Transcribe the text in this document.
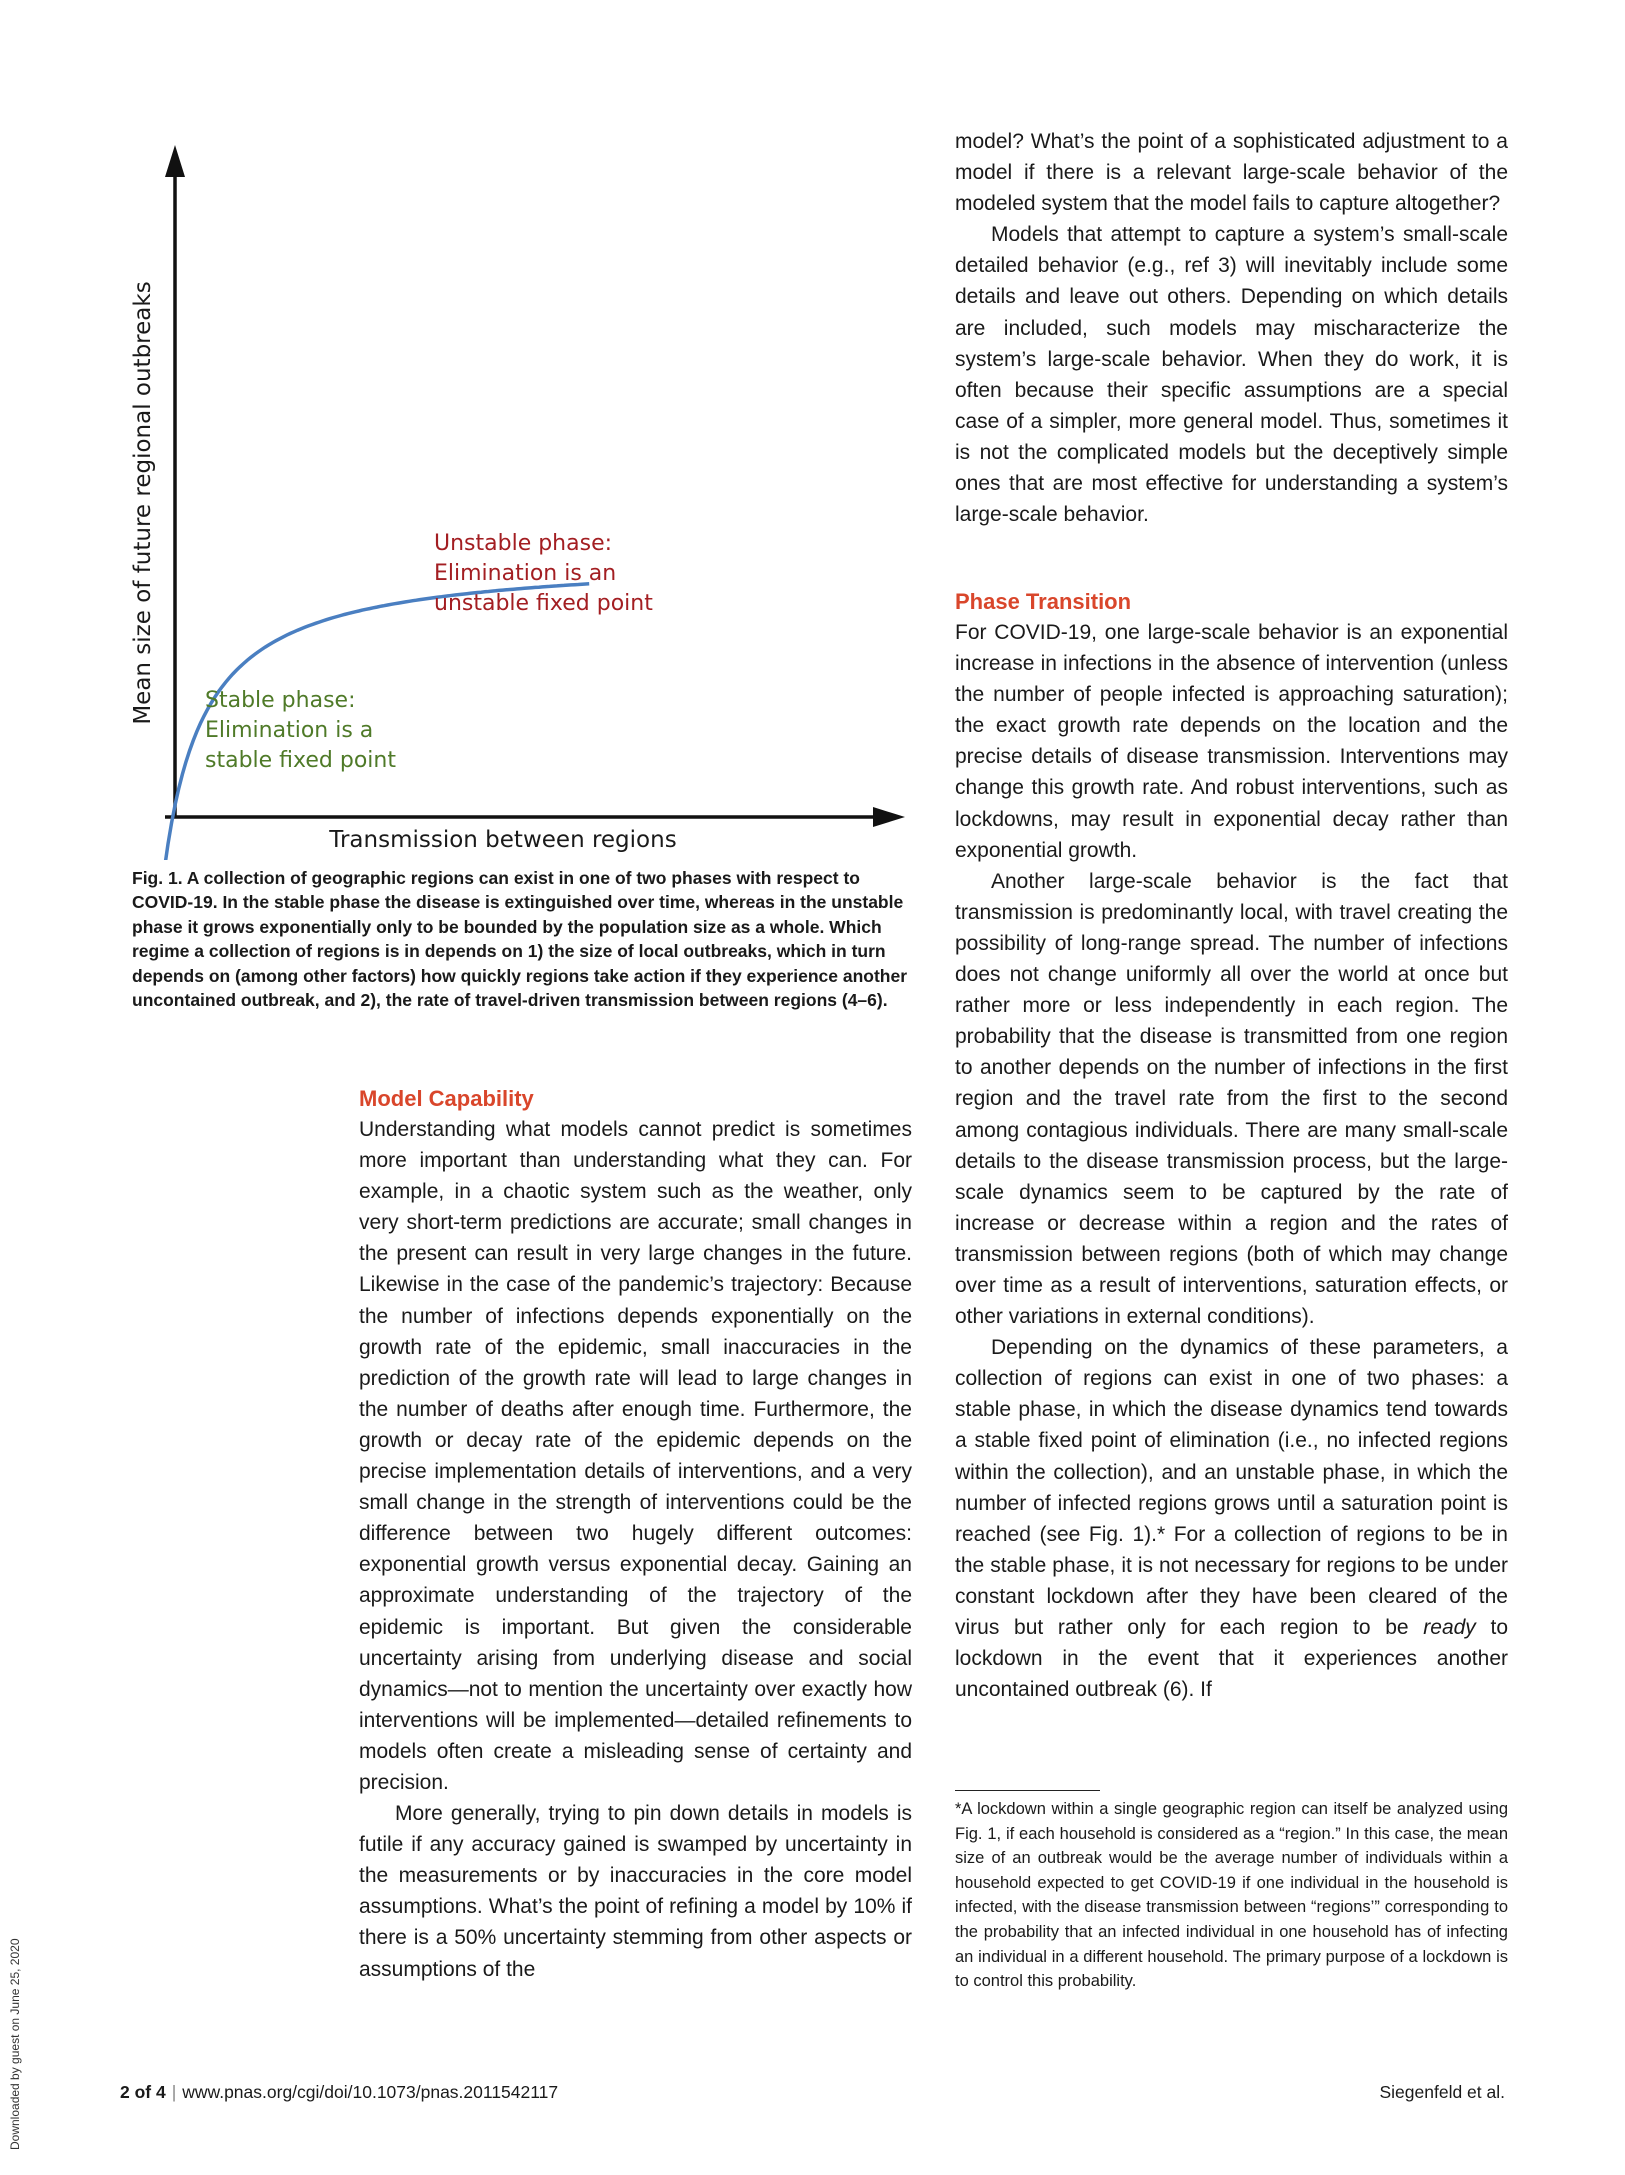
Mean size of future regional outbreaks
Transmission between regions
Unstable phase:
Elimination is an
unstable fixed point
Stable phase:
Elimination is a
stable fixed point

Fig. 1. A collection of geographic regions can exist in one of two phases with respect to COVID-19. In the stable phase the disease is extinguished over time, whereas in the unstable phase it grows exponentially only to be bounded by the population size as a whole. Which regime a collection of regions is in depends on 1) the size of local outbreaks, which in turn depends on (among other factors) how quickly regions take action if they experience another uncontained outbreak, and 2), the rate of travel-driven transmission between regions (4–6).

Model Capability

Understanding what models cannot predict is sometimes more important than understanding what they can. For example, in a chaotic system such as the weather, only very short-term predictions are accurate; small changes in the present can result in very large changes in the future. Likewise in the case of the pandemic’s trajectory: Because the number of infections depends exponentially on the growth rate of the epidemic, small inaccuracies in the prediction of the growth rate will lead to large changes in the number of deaths after enough time. Furthermore, the growth or decay rate of the epidemic depends on the precise implementation details of interventions, and a very small change in the strength of interventions could be the difference between two hugely different outcomes: exponential growth versus exponential decay. Gaining an approximate understanding of the trajectory of the epidemic is important. But given the considerable uncertainty arising from underlying disease and social dynamics—not to mention the uncertainty over exactly how interventions will be implemented—detailed refinements to models often create a misleading sense of certainty and precision.

More generally, trying to pin down details in models is futile if any accuracy gained is swamped by uncertainty in the measurements or by inaccuracies in the core model assumptions. What’s the point of refining a model by 10% if there is a 50% uncertainty stemming from other aspects or assumptions of the

model? What’s the point of a sophisticated adjustment to a model if there is a relevant large-scale behavior of the modeled system that the model fails to capture altogether?

Models that attempt to capture a system’s small-scale detailed behavior (e.g., ref 3) will inevitably include some details and leave out others. Depending on which details are included, such models may mischaracterize the system’s large-scale behavior. When they do work, it is often because their specific assumptions are a special case of a simpler, more general model. Thus, sometimes it is not the complicated models but the deceptively simple ones that are most effective for understanding a system’s large-scale behavior.

Phase Transition

For COVID-19, one large-scale behavior is an exponential increase in infections in the absence of intervention (unless the number of people infected is approaching saturation); the exact growth rate depends on the location and the precise details of disease transmission. Interventions may change this growth rate. And robust interventions, such as lockdowns, may result in exponential decay rather than exponential growth.

Another large-scale behavior is the fact that transmission is predominantly local, with travel creating the possibility of long-range spread. The number of infections does not change uniformly all over the world at once but rather more or less independently in each region. The probability that the disease is transmitted from one region to another depends on the number of infections in the first region and the travel rate from the first to the second among contagious individuals. There are many small-scale details to the disease transmission process, but the large-scale dynamics seem to be captured by the rate of increase or decrease within a region and the rates of transmission between regions (both of which may change over time as a result of interventions, saturation effects, or other variations in external conditions).

Depending on the dynamics of these parameters, a collection of regions can exist in one of two phases: a stable phase, in which the disease dynamics tend towards a stable fixed point of elimination (i.e., no infected regions within the collection), and an unstable phase, in which the number of infected regions grows until a saturation point is reached (see Fig. 1).* For a collection of regions to be in the stable phase, it is not necessary for regions to be under constant lockdown after they have been cleared of the virus but rather only for each region to be ready to lockdown in the event that it experiences another uncontained outbreak (6). If

*A lockdown within a single geographic region can itself be analyzed using Fig. 1, if each household is considered as a “region.” In this case, the mean size of an outbreak would be the average number of individuals within a household expected to get COVID-19 if one individual in the household is infected, with the disease transmission between “regions’” corresponding to the probability that an infected individual in one household has of infecting an individual in a different household. The primary purpose of a lockdown is to control this probability.

2 of 4 | www.pnas.org/cgi/doi/10.1073/pnas.2011542117	Siegenfeld et al.
Downloaded by guest on June 25, 2020
